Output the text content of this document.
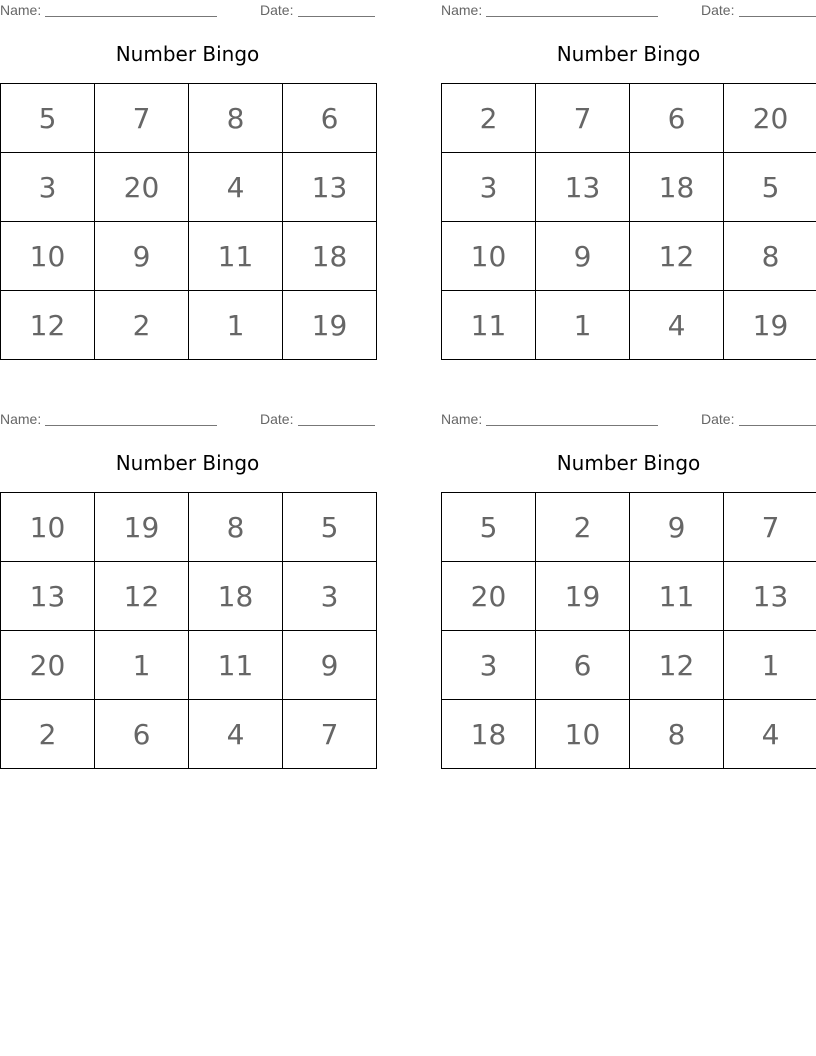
Name:	Date:
Number Bingo
5	7	8	6
3	20	4	13
10	9	11	18
12	2	1	19
Name:	Date:
Number Bingo
2	7	6	20
3	13	18	5
10	9	12	8
11	1	4	19
Name:	Date:
Number Bingo
10	19	8	5
13	12	18	3
20	1	11	9
2	6	4	7
Name:	Date:
Number Bingo
5	2	9	7
20	19	11	13
3	6	12	1
18	10	8	4
